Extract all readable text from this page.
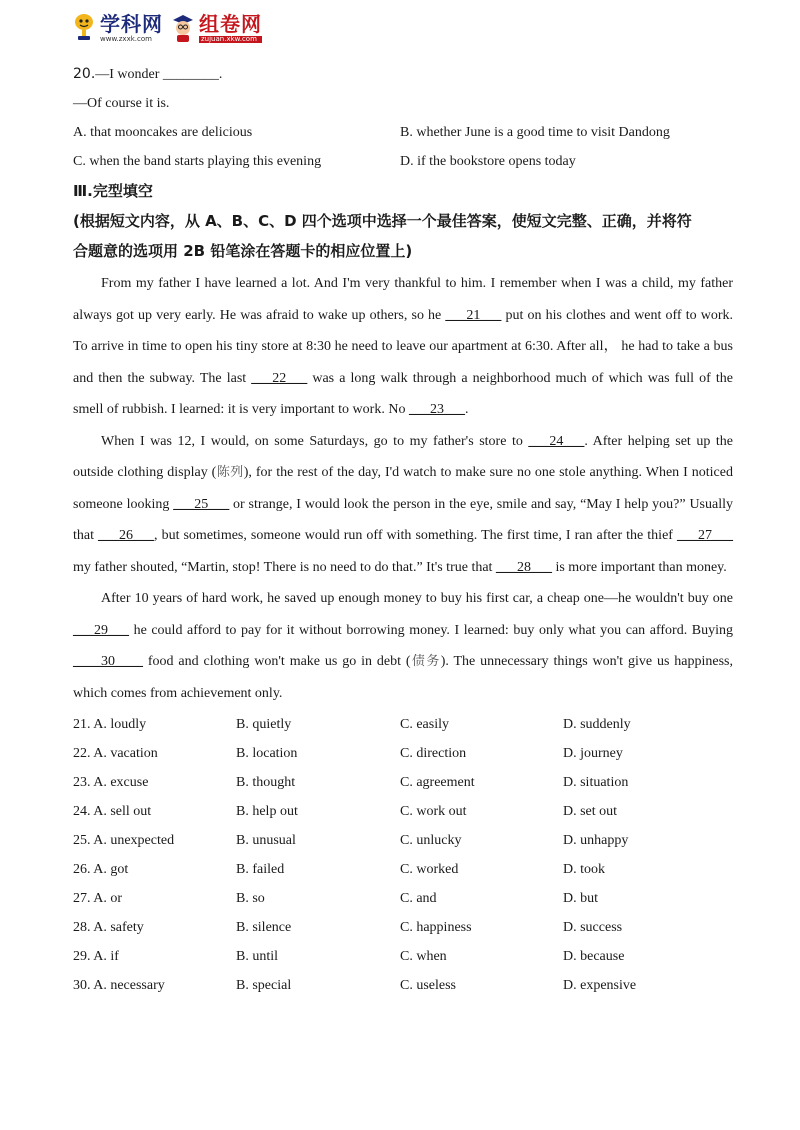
学科网
www.zxxk.com
组卷网
zujuan.xkw.com
20.—I wonder ________.
—Of course it is.
A. that mooncakes are delicious	B. whether June is a good time to visit Dandong
C. when the band starts playing this evening	D. if the bookstore opens today
Ⅲ.完型填空
(根据短文内容，从 A、B、C、D 四个选项中选择一个最佳答案，使短文完整、正确，并将符
合题意的选项用 2B 铅笔涂在答题卡的相应位置上)

From my father I have learned a lot. And I'm very thankful to him. I remember when I was a child, my father always got up very early. He was afraid to wake up others, so he ___21___ put on his clothes and went off to work. To arrive in time to open his tiny store at 8:30 he need to leave our apartment at 6:30. After all， he had to take a bus and then the subway. The last ___22___ was a long walk through a neighborhood much of which was full of the smell of rubbish. I learned: it is very important to work. No ___23___.

When I was 12, I would, on some Saturdays, go to my father's store to ___24___. After helping set up the outside clothing display (陈列), for the rest of the day, I'd watch to make sure no one stole anything. When I noticed someone looking ___25___ or strange, I would look the person in the eye, smile and say, “May I help you?” Usually that ___26___, but sometimes, someone would run off with something. The first time, I ran after the thief ___27___ my father shouted, “Martin, stop! There is no need to do that.” It's true that ___28___ is more important than money.

After 10 years of hard work, he saved up enough money to buy his first car, a cheap one—he wouldn't buy one ___29___ he could afford to pay for it without borrowing money. I learned: buy only what you can afford. Buying ____30____ food and clothing won't make us go in debt (债务). The unnecessary things won't give us happiness, which comes from achievement only.

21. A. loudly	B. quietly	C. easily	D. suddenly
22. A. vacation	B. location	C. direction	D. journey
23. A. excuse	B. thought	C. agreement	D. situation
24. A. sell out	B. help out	C. work out	D. set out
25. A. unexpected	B. unusual	C. unlucky	D. unhappy
26. A. got	B. failed	C. worked	D. took
27. A. or	B. so	C. and	D. but
28. A. safety	B. silence	C. happiness	D. success
29. A. if	B. until	C. when	D. because
30. A. necessary	B. special	C. useless	D. expensive
